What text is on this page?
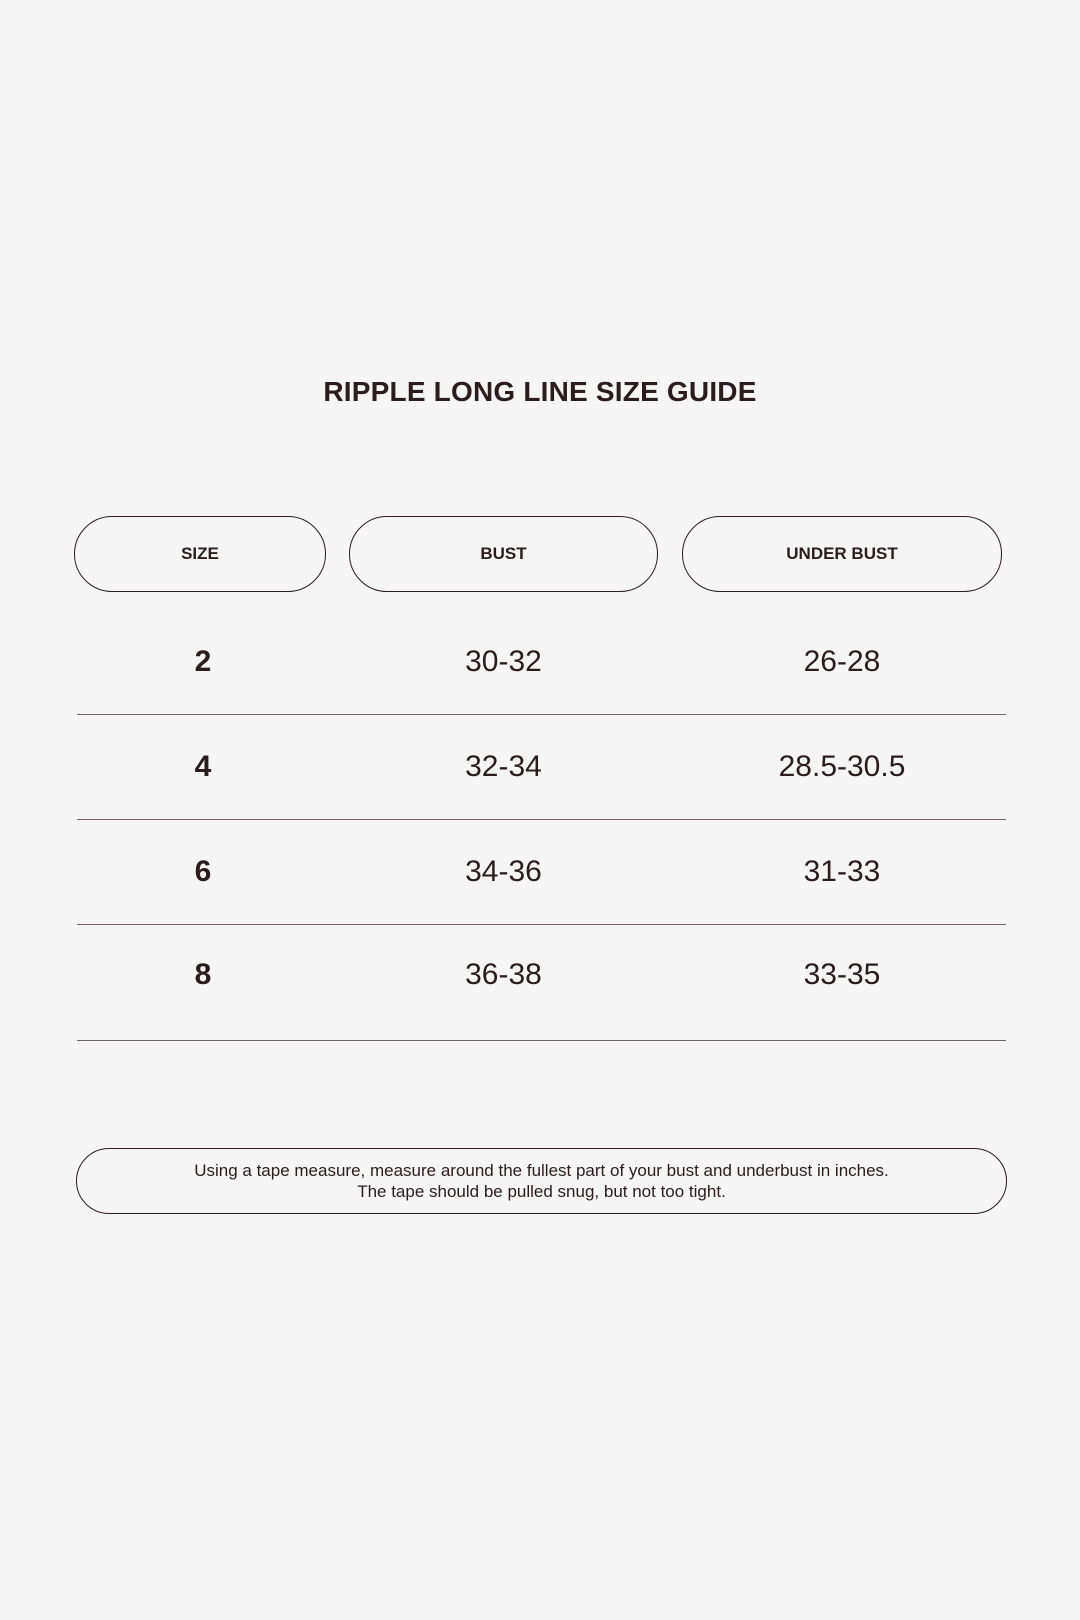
RIPPLE LONG LINE SIZE GUIDE
SIZE	BUST	UNDER BUST
2	30-32	26-28
4	32-34	28.5-30.5
6	34-36	31-33
8	36-38	33-35
Using a tape measure, measure around the fullest part of your bust and underbust in inches.
The tape should be pulled snug, but not too tight.
